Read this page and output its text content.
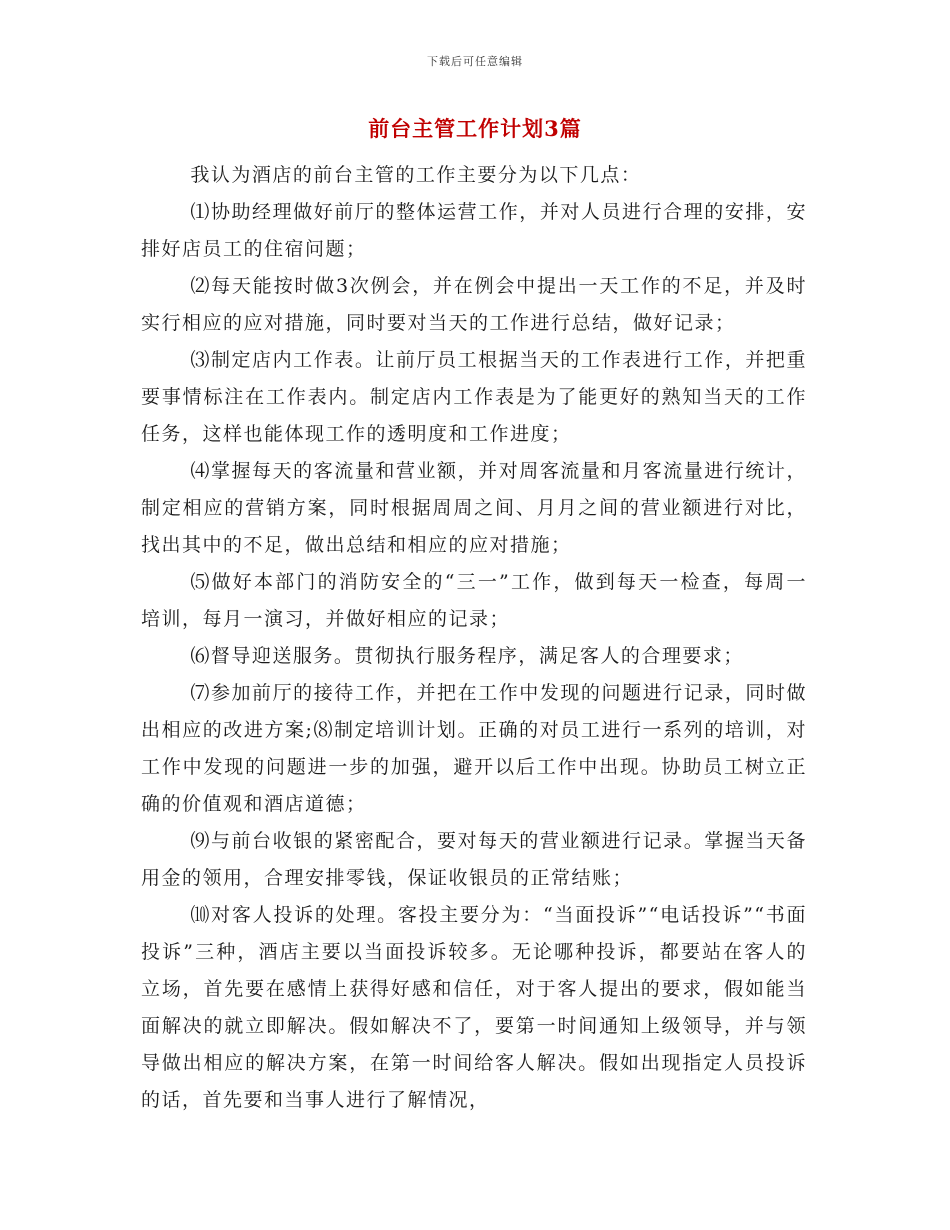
下载后可任意编辑
前台主管工作计划3篇

我认为酒店的前台主管的工作主要分为以下几点：

⑴协助经理做好前厅的整体运营工作，并对人员进行合理的安排，安排好店员工的住宿问题；

⑵每天能按时做3次例会，并在例会中提出一天工作的不足，并及时实行相应的应对措施，同时要对当天的工作进行总结，做好记录；

⑶制定店内工作表。让前厅员工根据当天的工作表进行工作，并把重要事情标注在工作表内。制定店内工作表是为了能更好的熟知当天的工作任务，这样也能体现工作的透明度和工作进度；

⑷掌握每天的客流量和营业额，并对周客流量和月客流量进行统计，制定相应的营销方案，同时根据周周之间、月月之间的营业额进行对比，找出其中的不足，做出总结和相应的应对措施；

⑸做好本部门的消防安全的“三一”工作，做到每天一检查，每周一培训，每月一演习，并做好相应的记录；

⑹督导迎送服务。贯彻执行服务程序，满足客人的合理要求；

⑺参加前厅的接待工作，并把在工作中发现的问题进行记录，同时做出相应的改进方案;⑻制定培训计划。正确的对员工进行一系列的培训，对工作中发现的问题进一步的加强，避开以后工作中出现。协助员工树立正确的价值观和酒店道德；

⑼与前台收银的紧密配合，要对每天的营业额进行记录。掌握当天备用金的领用，合理安排零钱，保证收银员的正常结账；

⑽对客人投诉的处理。客投主要分为：“当面投诉”“电话投诉”“书面投诉”三种，酒店主要以当面投诉较多。无论哪种投诉，都要站在客人的立场，首先要在感情上获得好感和信任，对于客人提出的要求，假如能当面解决的就立即解决。假如解决不了，要第一时间通知上级领导，并与领导做出相应的解决方案，在第一时间给客人解决。假如出现指定人员投诉的话，首先要和当事人进行了解情况，
